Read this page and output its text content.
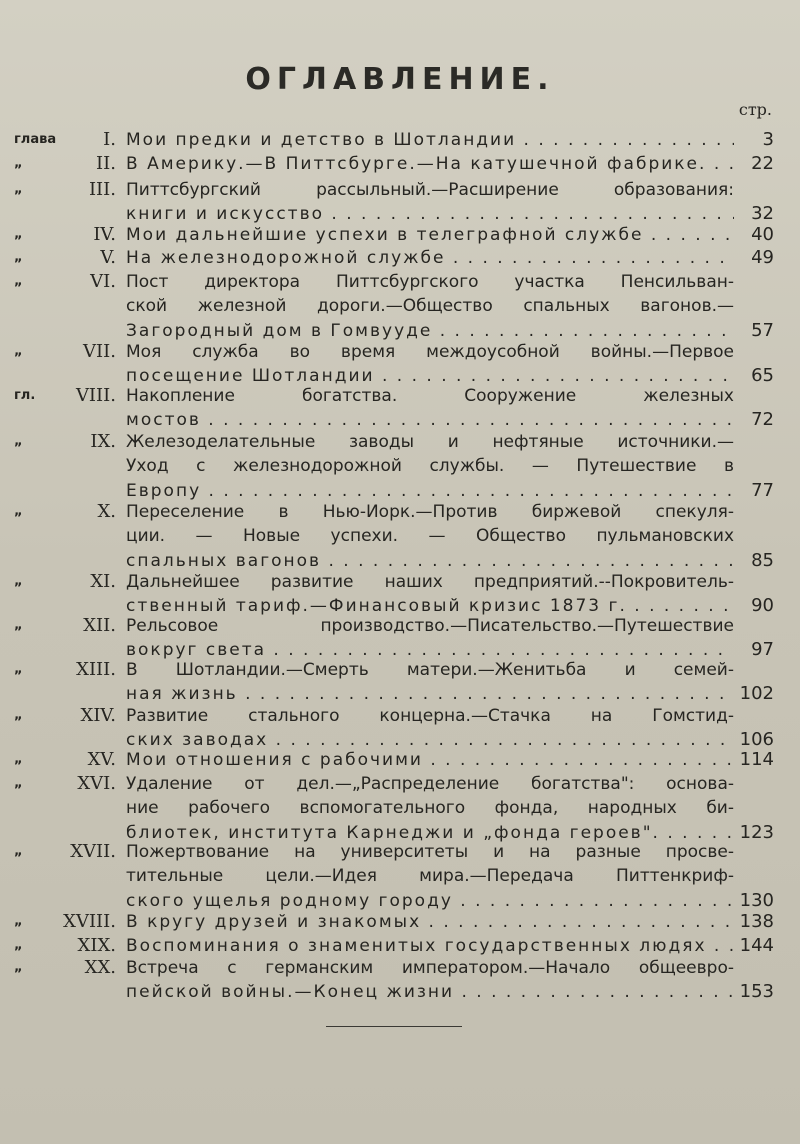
ОГЛАВЛЕНИЕ.
стр.
глава	I. Мои предки и детство в Шотландии . . .	3
„	II. В Америку.—В Питтсбурге.—На катушечной фабрике. . . .	22
„	III. Питтсбургский рассыльный.—Расширение образования:
книги и искусство . . .	32
„	IV. Мои дальнейшие успехи в телеграфной службе . . .	40
„	V. На железнодорожной службе . . .	49
„	VI. Пост директора Питтсбургского участка Пенсильван-
ской железной дороги.—Общество спальных вагонов.—
Загородный дом в Гомвууде . . .	57
„	VII. Моя служба во время междоусобной войны.—Первое
посещение Шотландии . . .	65
гл.	VIII. Накопление богатства. Сооружение железных
мостов . . .	72
„	IX. Железоделательные заводы и нефтяные источники.—
Уход с железнодорожной службы. — Путешествие в
Европу . . .	77
„	X. Переселение в Нью-Иорк.—Против биржевой спекуля-
ции. — Новые успехи. — Общество пульмановских
спальных вагонов . . .	85
„	XI. Дальнейшее развитие наших предприятий.--Покровитель-
ственный тариф.—Финансовый кризис 1873 г. . . .	90
„	XII. Рельсовое производство.—Писательство.—Путешествие
вокруг света . . .	97
„	XIII. В Шотландии.—Смерть матери.—Женитьба и семей-
ная жизнь . . .	102
„	XIV. Развитие стального концерна.—Стачка на Гомстид-
ских заводах . . .	106
„	XV. Мои отношения с рабочими . . .	114
„	XVI. Удаление от дел.—„Распределение богатства": основа-
ние рабочего вспомогательного фонда, народных би-
блиотек, института Карнеджи и „фонда героев". . . .	123
„	XVII. Пожертвование на университеты и на разные просве-
тительные цели.—Идея мира.—Передача Питтенкриф-
ского ущелья родному городу . . .	130
„	XVIII. В кругу друзей и знакомых . . .	138
„	XIX. Воспоминания о знаменитых государственных людях . . .	144
„	XX. Встреча с германским императором.—Начало общеевро-
пейской войны.—Конец жизни . . .	153
